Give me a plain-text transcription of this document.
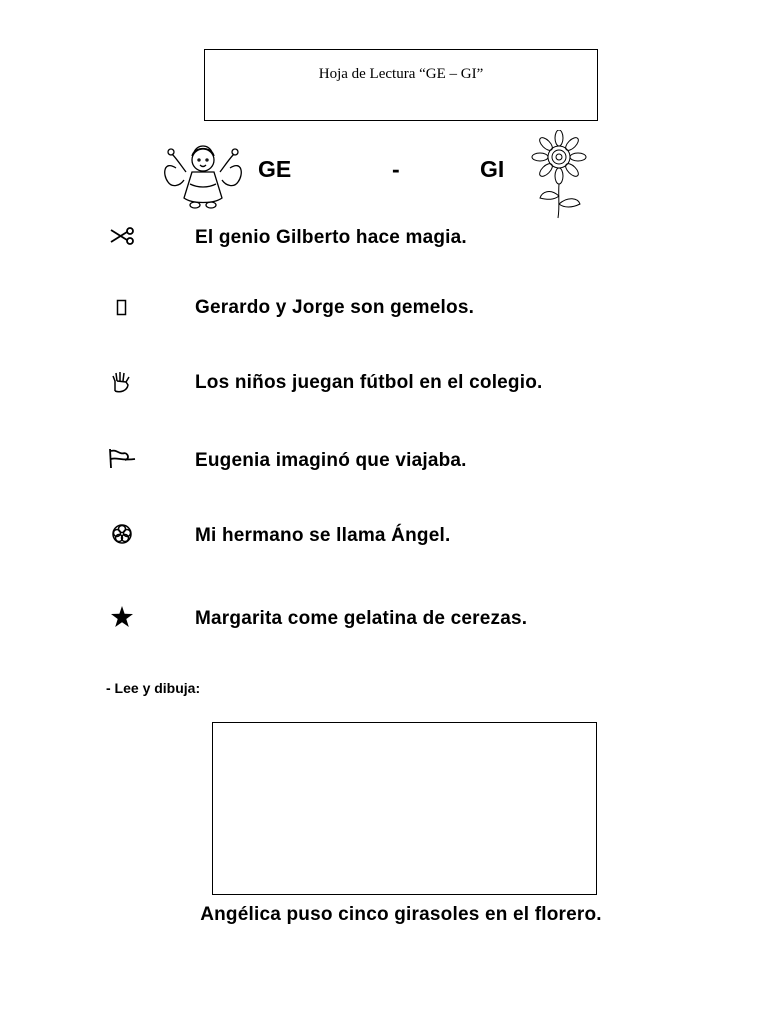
Hoja de Lectura “GE – GI”
GE	-	GI
El genio Gilberto hace magia.
Gerardo y Jorge son gemelos.
Los niños juegan fútbol en el colegio.
Eugenia imaginó que viajaba.
Mi hermano se llama Ángel.
Margarita come gelatina de cerezas.
- Lee y dibuja:
Angélica puso cinco girasoles en el florero.
